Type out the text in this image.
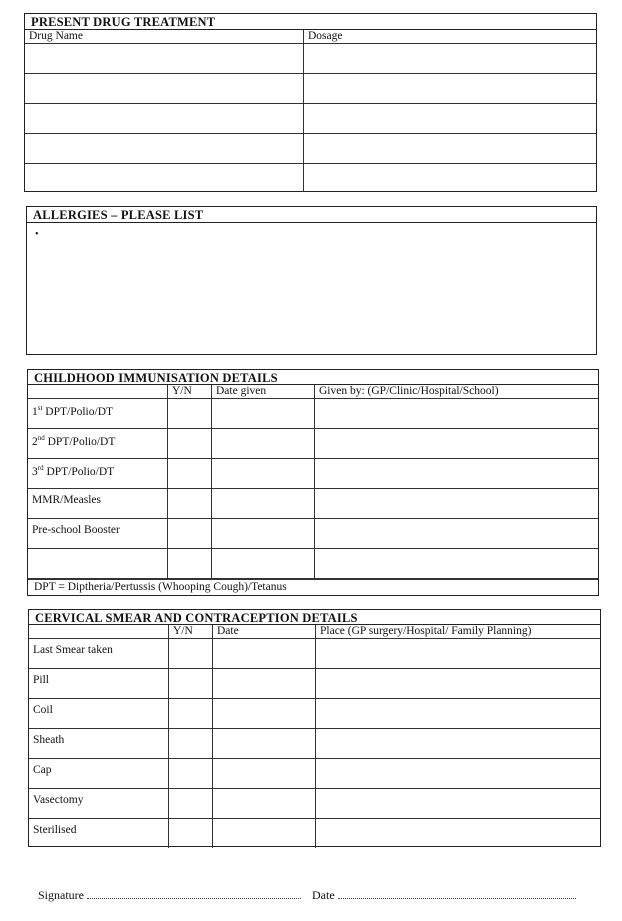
PRESENT DRUG TREATMENT
Drug Name	Dosage

ALLERGIES – PLEASE LIST
•
CHILDHOOD IMMUNISATION DETAILS
	Y/N	Date given	Given by: (GP/Clinic/Hospital/School)
1st DPT/Polio/DT			
2nd DPT/Polio/DT			
3rd DPT/Polio/DT			
MMR/Measles			
Pre-school Booster			

DPT = Diptheria/Pertussis (Whooping Cough)/Tetanus
CERVICAL SMEAR AND CONTRACEPTION DETAILS
	Y/N	Date	Place (GP surgery/Hospital/ Family Planning)
Last Smear taken			
Pill			
Coil			
Sheath			
Cap			
Vasectomy			
Sterilised			
Signature	Date
